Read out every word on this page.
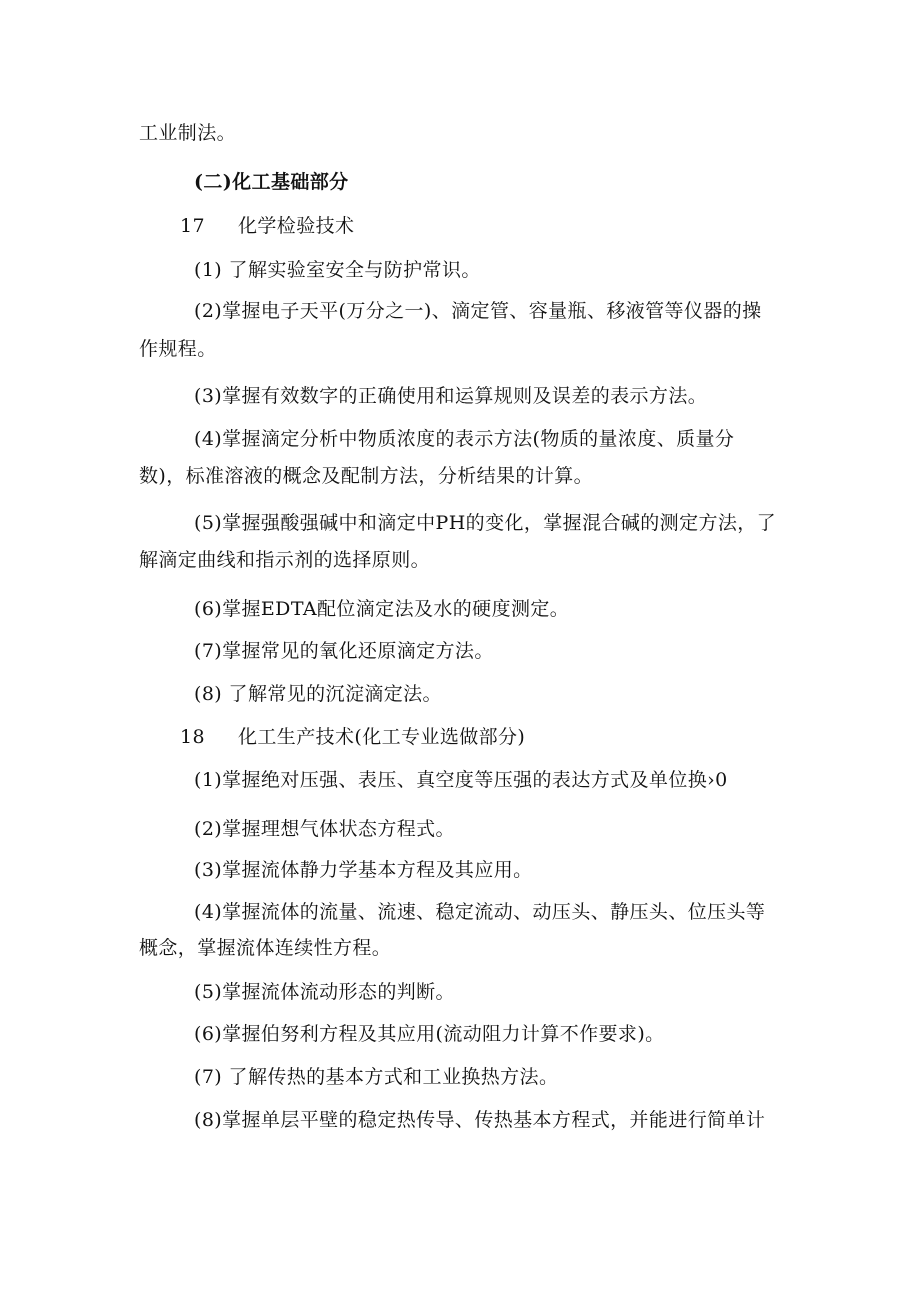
工业制法。

(二)化工基础部分

17 化学检验技术

(1) 了解实验室安全与防护常识。

(2)掌握电子天平(万分之一)、滴定管、容量瓶、移液管等仪器的操

作规程。

(3)掌握有效数字的正确使用和运算规则及误差的表示方法。

(4)掌握滴定分析中物质浓度的表示方法(物质的量浓度、质量分

数)，标准溶液的概念及配制方法，分析结果的计算。

(5)掌握强酸强碱中和滴定中PH的变化，掌握混合碱的测定方法，了

解滴定曲线和指示剂的选择原则。

(6)掌握EDTA配位滴定法及水的硬度测定。

(7)掌握常见的氧化还原滴定方法。

(8) 了解常见的沉淀滴定法。

18 化工生产技术(化工专业选做部分)

(1)掌握绝对压强、表压、真空度等压强的表达方式及单位换›0

(2)掌握理想气体状态方程式。

(3)掌握流体静力学基本方程及其应用。

(4)掌握流体的流量、流速、稳定流动、动压头、静压头、位压头等

概念，掌握流体连续性方程。

(5)掌握流体流动形态的判断。

(6)掌握伯努利方程及其应用(流动阻力计算不作要求)。

(7) 了解传热的基本方式和工业换热方法。

(8)掌握单层平壁的稳定热传导、传热基本方程式，并能进行简单计
